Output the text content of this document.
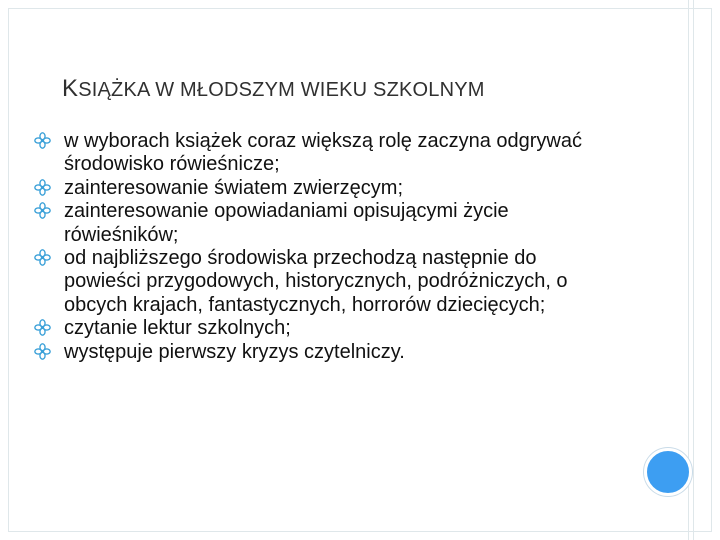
KSIĄŻKA W MŁODSZYM WIEKU SZKOLNYM
w wyborach książek coraz większą rolę zaczyna odgrywać środowisko rówieśnicze;
zainteresowanie światem zwierzęcym;
zainteresowanie opowiadaniami opisującymi życie rówieśników;
od najbliższego środowiska przechodzą następnie do powieści przygodowych, historycznych, podróżniczych, o obcych krajach, fantastycznych, horrorów dziecięcych;
czytanie lektur szkolnych;
występuje pierwszy kryzys czytelniczy.
